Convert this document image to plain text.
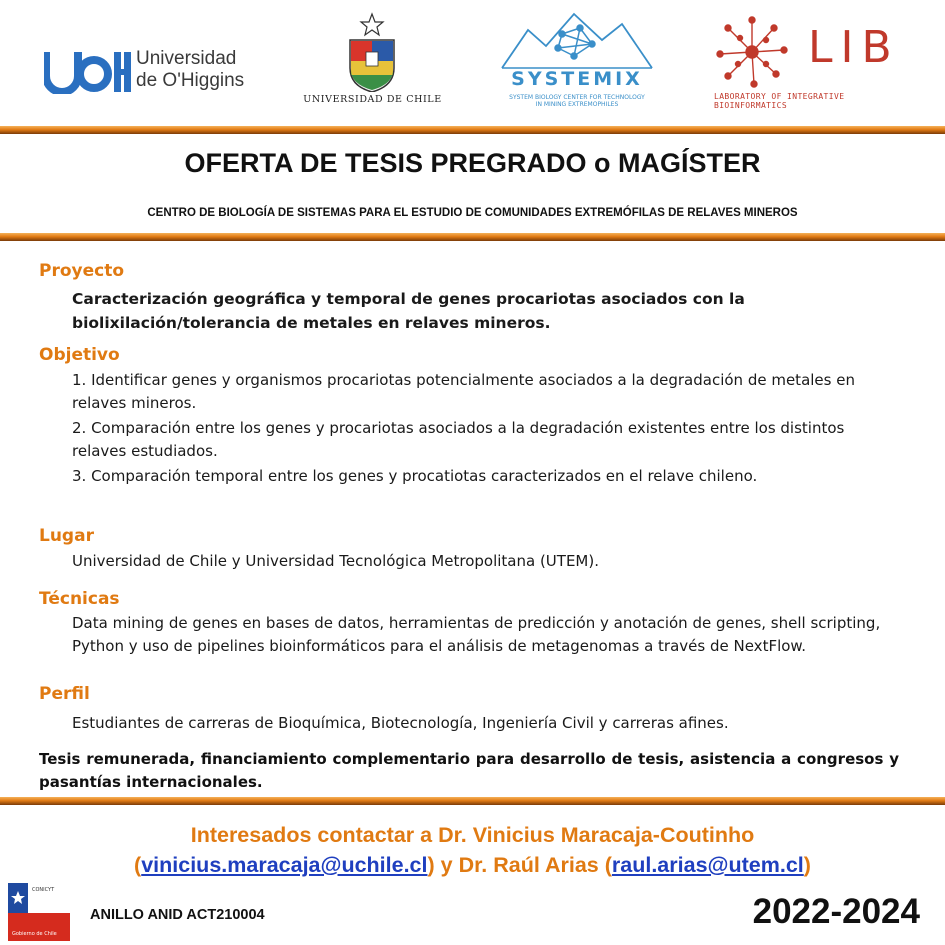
Universidad
de O'Higgins
UNIVERSIDAD DE CHILE
SYSTEMIX
SYSTEM BIOLOGY CENTER FOR TECHNOLOGY
IN MINING EXTREMOPHILES
LIB
LABORATORY OF INTEGRATIVE BIOINFORMATICS
OFERTA DE TESIS PREGRADO o MAGÍSTER
CENTRO DE BIOLOGÍA DE SISTEMAS PARA EL ESTUDIO DE COMUNIDADES EXTREMÓFILAS DE RELAVES MINEROS
Proyecto
Caracterización geográfica y temporal de genes procariotas asociados con la biolixilación/tolerancia de metales en relaves mineros.
Objetivo
1. Identificar genes y organismos procariotas potencialmente asociados a la degradación de metales en relaves mineros.
2. Comparación entre los genes y procariotas asociados a la degradación existentes entre los distintos relaves estudiados.
3. Comparación temporal entre los genes y procatiotas caracterizados en el relave chileno.
Lugar
Universidad de Chile y Universidad Tecnológica Metropolitana (UTEM).
Técnicas
Data mining de genes en bases de datos, herramientas de predicción y anotación de genes, shell scripting, Python y uso de pipelines bioinformáticos para el análisis de metagenomas a través de NextFlow.
Perfil
Estudiantes de carreras de Bioquímica, Biotecnología, Ingeniería Civil y carreras afines.
Tesis remunerada, financiamiento complementario para desarrollo de tesis, asistencia a congresos y pasantías internacionales.
Interesados contactar a Dr. Vinicius Maracaja-Coutinho
(vinicius.maracaja@uchile.cl) y Dr. Raúl Arias (raul.arias@utem.cl)
CONICYT
Gobierno de Chile
ANILLO ANID ACT210004	2022-2024
